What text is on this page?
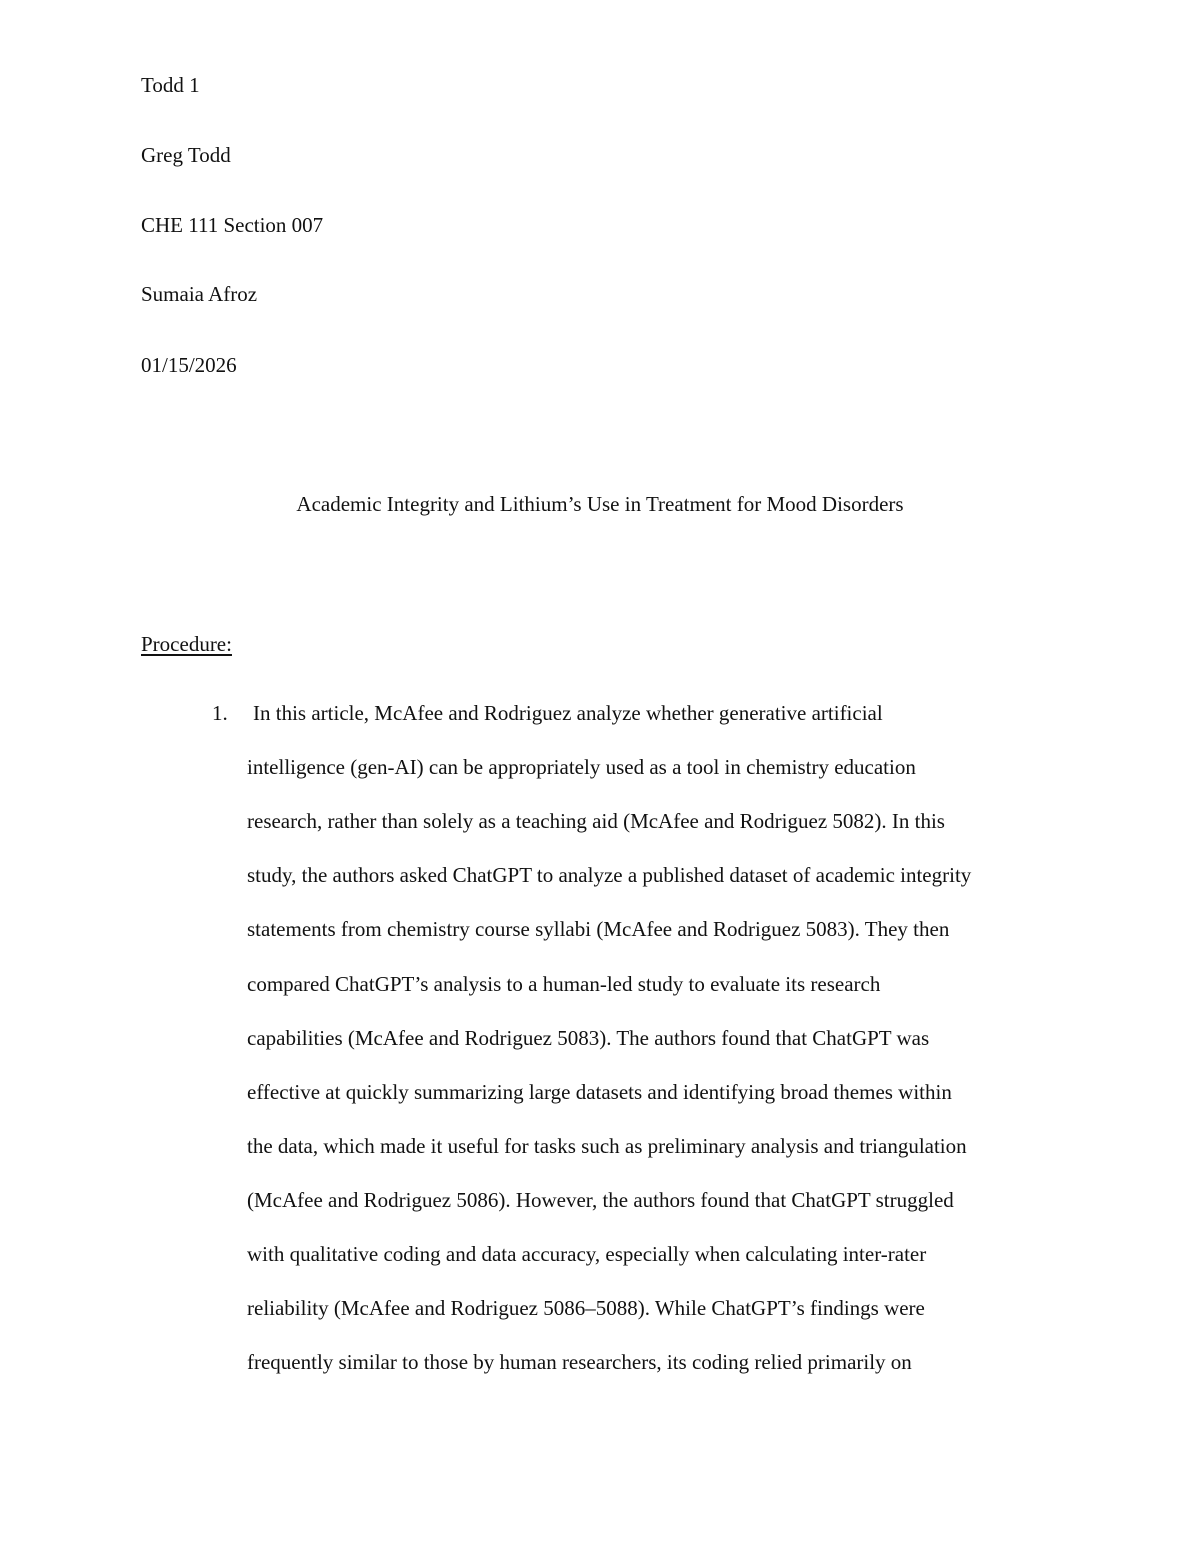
Todd 1
Greg Todd
CHE 111 Section 007
Sumaia Afroz
01/15/2026
Academic Integrity and Lithium’s Use in Treatment for Mood Disorders
Procedure:
1. In this article, McAfee and Rodriguez analyze whether generative artificial
intelligence (gen-AI) can be appropriately used as a tool in chemistry education
research, rather than solely as a teaching aid (McAfee and Rodriguez 5082). In this
study, the authors asked ChatGPT to analyze a published dataset of academic integrity
statements from chemistry course syllabi (McAfee and Rodriguez 5083). They then
compared ChatGPT’s analysis to a human-led study to evaluate its research
capabilities (McAfee and Rodriguez 5083). The authors found that ChatGPT was
effective at quickly summarizing large datasets and identifying broad themes within
the data, which made it useful for tasks such as preliminary analysis and triangulation
(McAfee and Rodriguez 5086). However, the authors found that ChatGPT struggled
with qualitative coding and data accuracy, especially when calculating inter-rater
reliability (McAfee and Rodriguez 5086–5088). While ChatGPT’s findings were
frequently similar to those by human researchers, its coding relied primarily on
